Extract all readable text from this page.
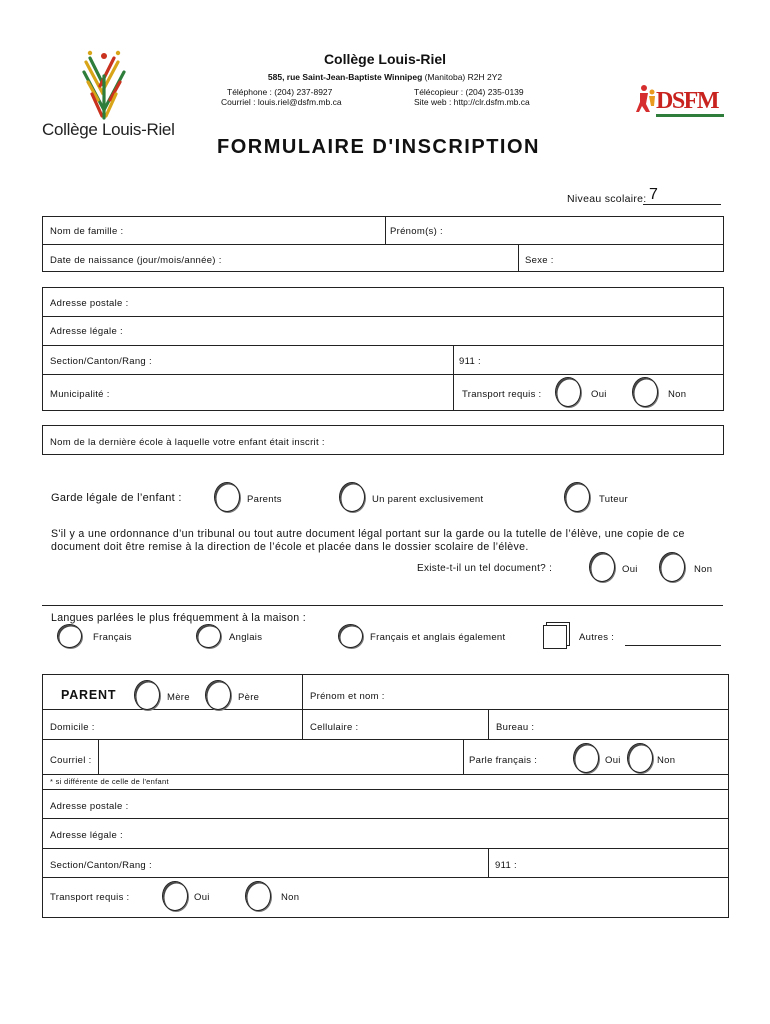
Collège Louis-Riel
Collège Louis-Riel
585, rue Saint-Jean-Baptiste Winnipeg (Manitoba) R2H 2Y2
Téléphone : (204) 237-8927
Courriel : louis.riel@dsfm.mb.ca
Télécopieur : (204) 235-0139
Site web : http://clr.dsfm.mb.ca	DSFM
FORMULAIRE D'INSCRIPTION
Niveau scolaire: 7
Nom de famille :	Prénom(s) :
Date de naissance (jour/mois/année) :	Sexe :
Adresse postale :
Adresse légale :
Section/Canton/Rang :	911 :
Municipalité :	Transport requis :	Oui	Non
Nom de la dernière école à laquelle votre enfant était inscrit :
Garde légale de l’enfant :	Parents	Un parent exclusivement	Tuteur
S'il y a une ordonnance d’un tribunal ou tout autre document légal portant sur la garde ou la tutelle de l’élève, une copie de ce document doit être remise à la direction de l’école et placée dans le dossier scolaire de l’élève.
Existe-t-il un tel document? :	Oui	Non
Langues parlées le plus fréquemment à la maison :
Français	Anglais	Français et anglais également	Autres :
PARENT	Mère	Père	Prénom et nom :
Domicile :	Cellulaire :	Bureau :
Courriel :	Parle français :	Oui	Non
* si différente de celle de l'enfant
Adresse postale :
Adresse légale :
Section/Canton/Rang :	911 :
Transport requis :	Oui	Non
